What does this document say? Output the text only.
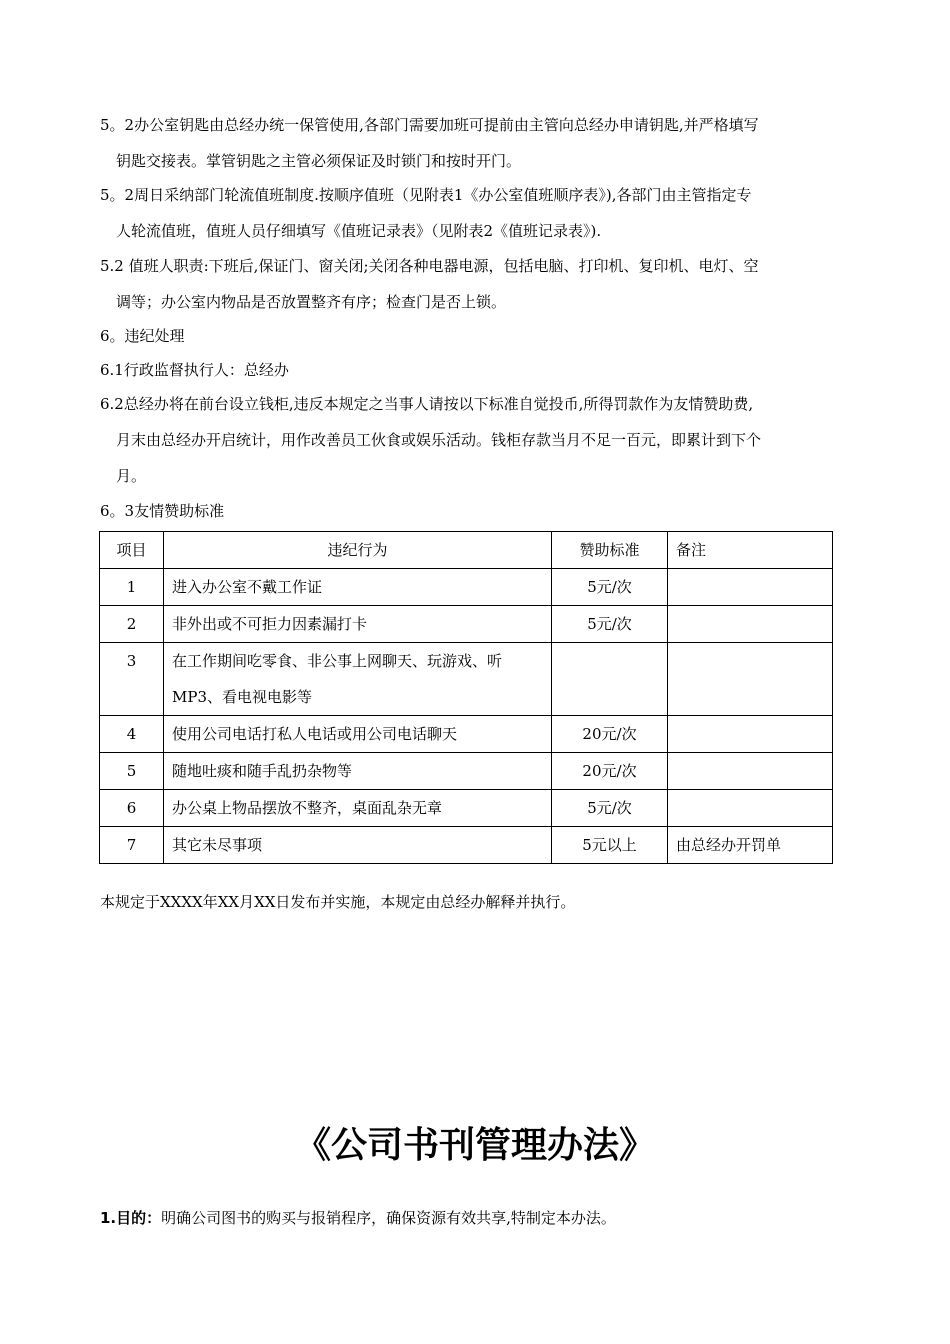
5。2办公室钥匙由总经办统一保管使用,各部门需要加班可提前由主管向总经办申请钥匙,并严格填写
钥匙交接表。掌管钥匙之主管必须保证及时锁门和按时开门。
5。2周日采纳部门轮流值班制度.按顺序值班（见附表1《办公室值班顺序表》),各部门由主管指定专
人轮流值班，值班人员仔细填写《值班记录表》（见附表2《值班记录表》).
5.2 值班人职责:下班后,保证门、窗关闭;关闭各种电器电源，包括电脑、打印机、复印机、电灯、空
调等；办公室内物品是否放置整齐有序；检查门是否上锁。
6。违纪处理
6.1行政监督执行人：总经办
6.2总经办将在前台设立钱柜,违反本规定之当事人请按以下标准自觉投币,所得罚款作为友情赞助费,
月末由总经办开启统计，用作改善员工伙食或娱乐活动。钱柜存款当月不足一百元，即累计到下个
月。
6。3友情赞助标准
项目	违纪行为	赞助标准	备注
1	进入办公室不戴工作证	5元/次	
2	非外出或不可拒力因素漏打卡	5元/次	
3	在工作期间吃零食、非公事上网聊天、玩游戏、听
MP3、看电视电影等		

4	使用公司电话打私人电话或用公司电话聊天	20元/次	
5	随地吐痰和随手乱扔杂物等	20元/次	
6	办公桌上物品摆放不整齐，桌面乱杂无章	5元/次	
7	其它未尽事项	5元以上	由总经办开罚单
本规定于XXXX年XX月XX日发布并实施，本规定由总经办解释并执行。
《公司书刊管理办法》
1.目的：明确公司图书的购买与报销程序，确保资源有效共享,特制定本办法。
